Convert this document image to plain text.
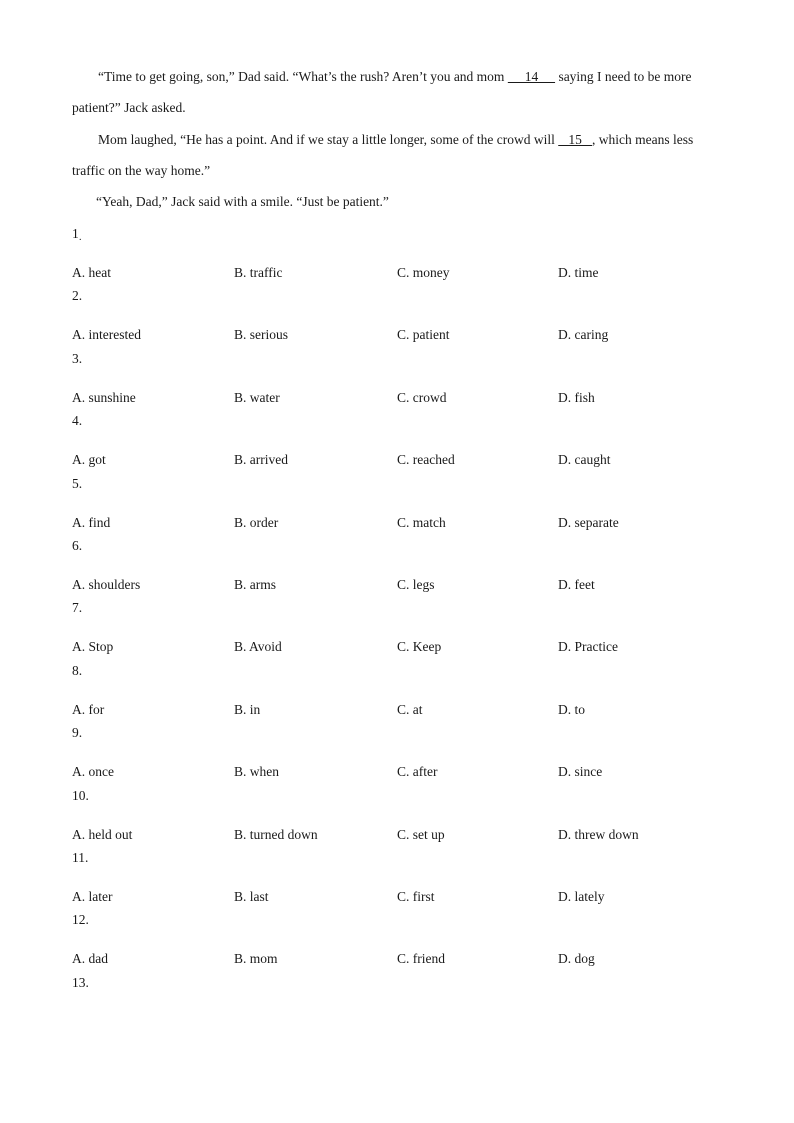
“Time to get going, son,” Dad said. “What’s the rush? Aren’t you and mom      14      saying I need to be more patient?” Jack asked.

Mom laughed, “He has a point. And if we stay a little longer, some of the crowd will    15   , which means less traffic on the way home.”

“Yeah, Dad,” Jack said with a smile. “Just be patient.”

1 .
A. heat	B. traffic	C. money	D. time
2.
A. interested	B. serious	C. patient	D. caring
3.
A. sunshine	B. water	C. crowd	D. fish
4.
A. got	B. arrived	C. reached	D. caught
5.
A. find	B. order	C. match	D. separate
6.
A. shoulders	B. arms	C. legs	D. feet
7.
A. Stop	B. Avoid	C. Keep	D. Practice
8.
A. for	B. in	C. at	D. to
9.
A. once	B. when	C. after	D. since
10.
A. held out	B. turned down	C. set up	D. threw down
11.
A. later	B. last	C. first	D. lately
12.
A. dad	B. mom	C. friend	D. dog
13.
